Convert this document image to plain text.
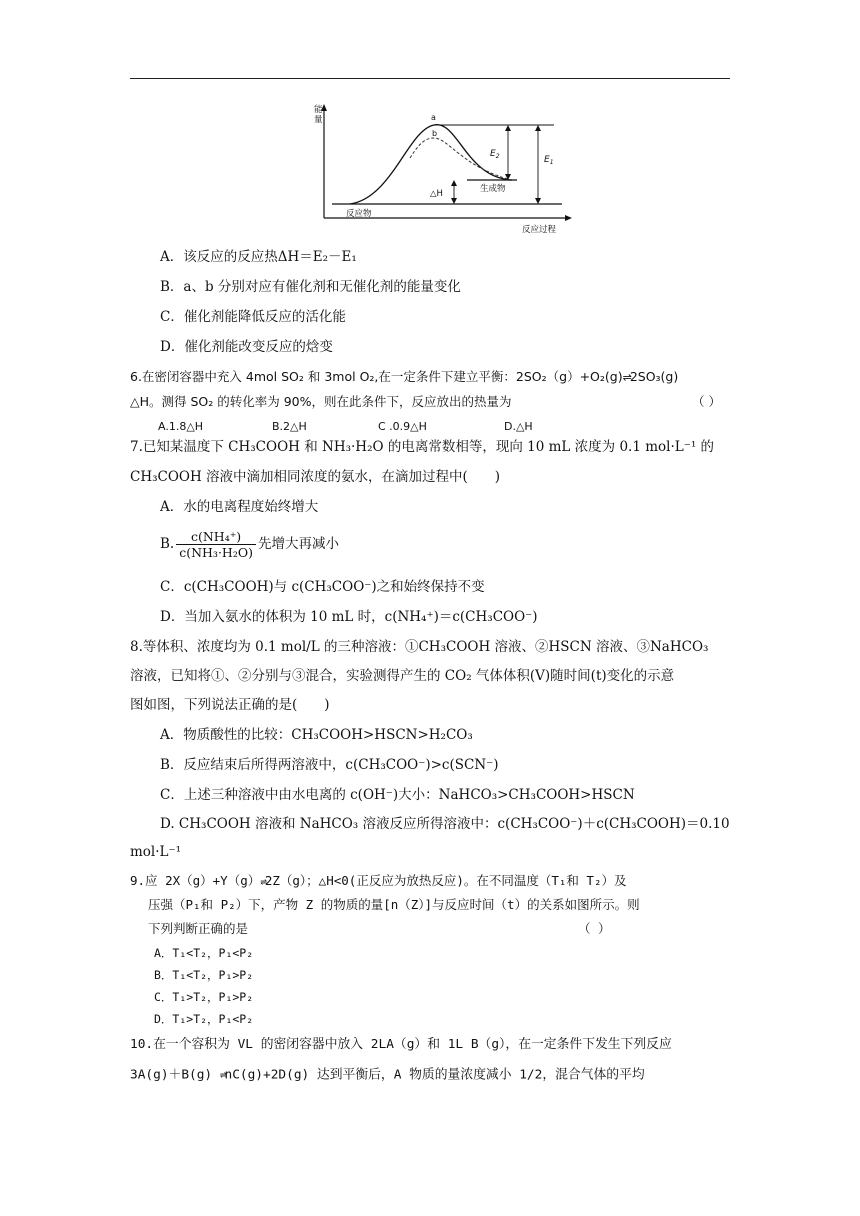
能
量
反应过程
反应物
生成物
a
b
$E_2$	$E_1$
△H
A．该反应的反应热ΔH＝E₂－E₁
B．a、b 分别对应有催化剂和无催化剂的能量变化
C．催化剂能降低反应的活化能
D．催化剂能改变反应的焓变
6.在密闭容器中充入 4mol SO₂ 和 3mol O₂,在一定条件下建立平衡：2SO₂（g）+O₂(g)⇌2SO₃(g)
△H。测得 SO₂ 的转化率为 90%，则在此条件下，反应放出的热量为	（ ）
A.1.8△H	B.2△H	C .0.9△H	D.△H
7.已知某温度下 CH₃COOH 和 NH₃·H₂O 的电离常数相等，现向 10 mL 浓度为 0.1 mol·L⁻¹ 的
CH₃COOH 溶液中滴加相同浓度的氨水，在滴加过程中(　　)
A．水的电离程度始终增大
B. $\frac{\text{c(NH₄⁺)}}{\text{c(NH₃·H₂O)}}$ 先增大再减小
C．c(CH₃COOH)与 c(CH₃COO⁻)之和始终保持不变
D．当加入氨水的体积为 10 mL 时，c(NH₄⁺)＝c(CH₃COO⁻)
8.等体积、浓度均为 0.1 mol/L 的三种溶液：①CH₃COOH 溶液、②HSCN 溶液、③NaHCO₃
溶液，已知将①、②分别与③混合，实验测得产生的 CO₂ 气体体积(V)随时间(t)变化的示意
图如图，下列说法正确的是(　　)
A．物质酸性的比较：CH₃COOH>HSCN>H₂CO₃
B．反应结束后所得两溶液中，c(CH₃COO⁻)>c(SCN⁻)
C．上述三种溶液中由水电离的 c(OH⁻)大小：NaHCO₃>CH₃COOH>HSCN
D. CH₃COOH 溶液和 NaHCO₃ 溶液反应所得溶液中：c(CH₃COO⁻)＋c(CH₃COOH)＝0.10
mol·L⁻¹
9.应 2X（g）+Y（g）⇌2Z（g）；△H<0(正反应为放热反应)。在不同温度（T₁和 T₂）及
压强（P₁和 P₂）下，产物 Z 的物质的量[n（Z）]与反应时间（t）的关系如图所示。则
下列判断正确的是	（ ）
A．T₁<T₂，P₁<P₂
B．T₁<T₂，P₁>P₂
C．T₁>T₂，P₁>P₂
D．T₁>T₂，P₁<P₂
10.在一个容积为 VL 的密闭容器中放入 2LA（g）和 1L B（g），在一定条件下发生下列反应
3A(g)＋B(g) ⇌nC(g)+2D(g) 达到平衡后，A 物质的量浓度减小 1/2，混合气体的平均
